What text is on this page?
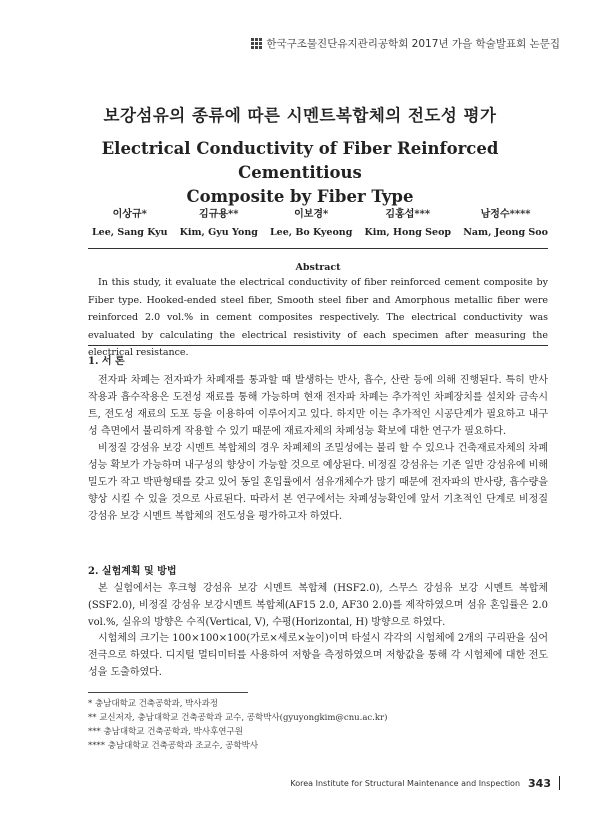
한국구조물진단유지관리공학회 2017년 가을 학술발표회 논문집
보강섬유의 종류에 따른 시멘트복합체의 전도성 평가
Electrical Conductivity of Fiber Reinforced Cementitious
Composite by Fiber Type
이상규*
Lee, Sang Kyu
김규용**
Kim, Gyu Yong
이보경*
Lee, Bo Kyeong
김홍섭***
Kim, Hong Seop
남정수****
Nam, Jeong Soo
Abstract
In this study, it evaluate the electrical conductivity of fiber reinforced cement composite by Fiber type. Hooked-ended steel fiber, Smooth steel fiber and Amorphous metallic fiber were reinforced 2.0 vol.% in cement composites respectively. The electrical conductivity was evaluated by calculating the electrical resistivity of each specimen after measuring the electrical resistance.
1. 서 론
전자파 차폐는 전자파가 차폐재를 통과할 때 발생하는 반사, 흡수, 산란 등에 의해 진행된다. 특히 반사작용과 흡수작용은 도전성 재료를 통해 가능하며 현재 전자파 차폐는 추가적인 차폐장치를 설치와 금속시트, 전도성 재료의 도포 등을 이용하여 이루어지고 있다. 하지만 이는 추가적인 시공단계가 필요하고 내구성 측면에서 불리하게 작용할 수 있기 때문에 재료자체의 차폐성능 확보에 대한 연구가 필요하다.
비정질 강섬유 보강 시멘트 복합체의 경우 차폐체의 조밀성에는 불리 할 수 있으나 건축재료자체의 차폐성능 확보가 가능하며 내구성의 향상이 가능할 것으로 예상된다. 비정질 강섬유는 기존 일반 강섬유에 비해 밀도가 작고 박판형태를 갖고 있어 동일 혼입률에서 섬유개체수가 많기 때문에 전자파의 반사량, 흡수량을 향상 시킬 수 있을 것으로 사료된다. 따라서 본 연구에서는 차폐성능확인에 앞서 기초적인 단계로 비정질 강섬유 보강 시멘트 복합체의 전도성을 평가하고자 하였다.
2. 실험계획 및 방법
본 실험에서는 후크형 강섬유 보강 시멘트 복합체 (HSF2.0), 스무스 강섬유 보강 시멘트 복합체(SSF2.0), 비정질 강섬유 보강시멘트 복합체(AF15 2.0, AF30 2.0)를 제작하였으며 섬유 혼입률은 2.0 vol.%, 실유의 방향은 수직(Vertical, V), 수평(Horizontal, H) 방향으로 하였다.
시험체의 크기는 100×100×100(가로×세로×높이)이며 타설시 각각의 시험체에 2개의 구리판을 심어 전극으로 하였다. 디지털 멀티미터를 사용하여 저항을 측정하였으며 저항값을 통해 각 시험체에 대한 전도성을 도출하였다.
* 충남대학교 건축공학과, 박사과정
** 교신저자, 충남대학교 건축공학과 교수, 공학박사(gyuyongkim@cnu.ac.kr)
*** 충남대학교 건축공학과, 박사후연구원
**** 충남대학교 건축공학과 조교수, 공학박사
Korea Institute for Structural Maintenance and Inspection 343
